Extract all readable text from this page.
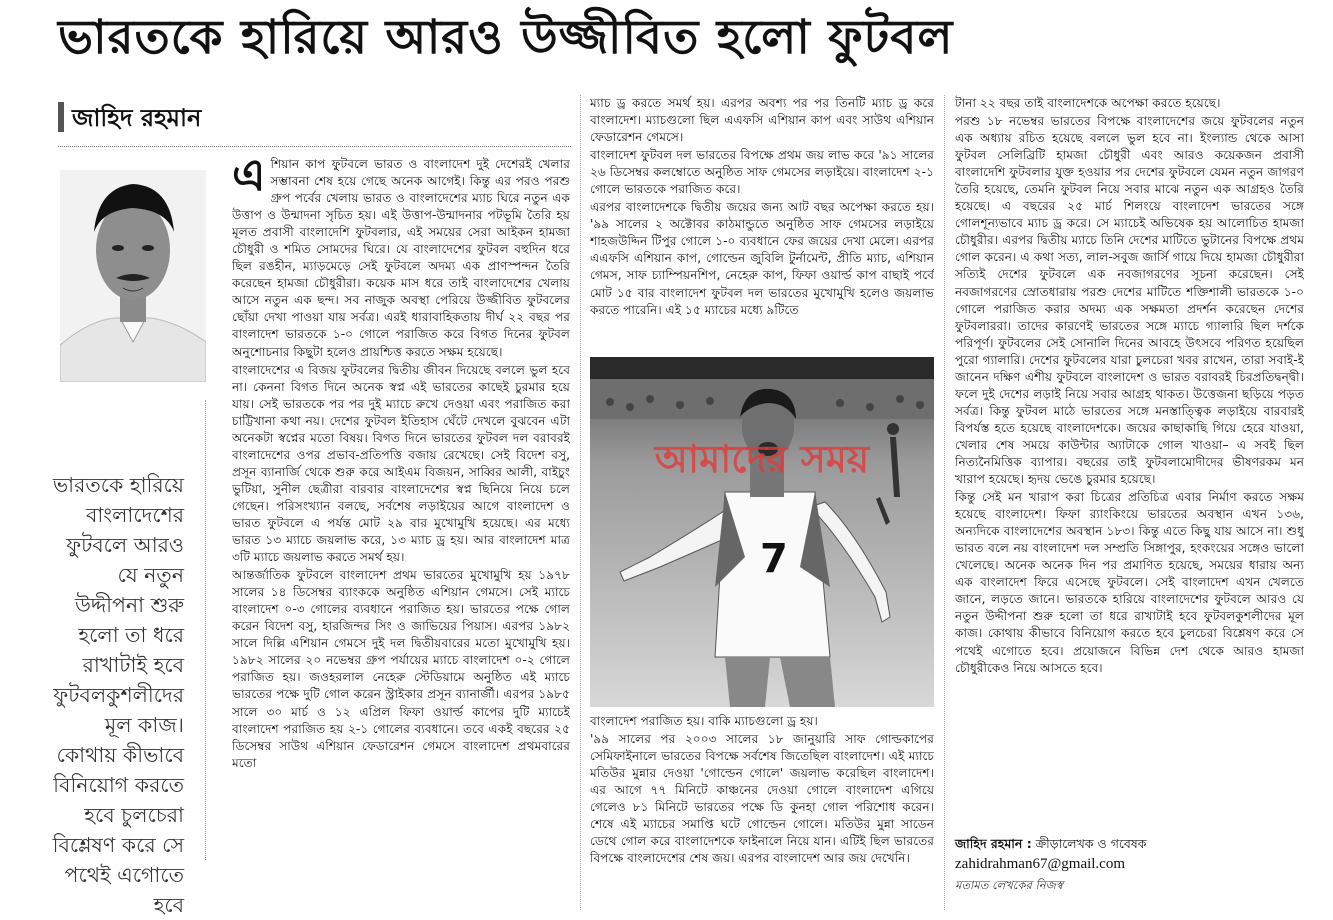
ভারতকে হারিয়ে আরও উজ্জীবিত হলো ফুটবল
জাহিদ রহমান
ভারতকে হারিয়ে বাংলাদেশের ফুটবলে আরও যে নতুন উদ্দীপনা শুরু হলো তা ধরে রাখাটাই হবে ফুটবলকুশলীদের মূল কাজ। কোথায় কীভাবে বিনিয়োগ করতে হবে চুলচেরা বিশ্লেষণ করে সে পথেই এগোতে হবে

এশিয়ান কাপ ফুটবলে ভারত ও বাংলাদেশ দুই দেশেরই খেলার সম্ভাবনা শেষ হয়ে গেছে অনেক আগেই। কিন্তু এর পরও পরশু গ্রুপ পর্বের খেলায় ভারত ও বাংলাদেশের ম্যাচ ঘিরে নতুন এক উত্তাপ ও উন্মাদনা সৃচিত হয়। এই উত্তাপ-উন্মাদনার পটভূমি তৈরি হয় মূলত প্রবাসী বাংলাদেশি ফুটবলার, এই সময়ের সেরা আইকন হামজা চৌধুরী ও শমিত সোমদের ঘিরে। যে বাংলাদেশের ফুটবল বহুদিন ধরে ছিল রঙহীন, ম্যাড়মেড়ে সেই ফুটবলে অদম্য এক প্রাণস্পন্দন তৈরি করেছেন হামজা চৌধুরীরা। কয়েক মাস ধরে তাই বাংলাদেশের খেলায় আসে নতুন এক ছন্দ। সব নাজুক অবস্থা পেরিয়ে উজ্জীবিত ফুটবলের ছোঁয়া দেখা পাওয়া যায় সর্বত্র। এরই ধারাবাহিকতায় দীর্ঘ ২২ বছর পর বাংলাদেশ ভারতকে ১-০ গোলে পরাজিত করে বিগত দিনের ফুটবল অনুশোচনার কিছুটা হলেও প্রায়শ্চিত্ত করতে সক্ষম হয়েছে।

বাংলাদেশের এ বিজয় ফুটবলের দ্বিতীয় জীবন দিয়েছে বললে ভুল হবে না। কেননা বিগত দিনে অনেক স্বপ্ন এই ভারতের কাছেই চুরমার হয়ে যায়। সেই ভারতকে পর পর দুই ম্যাচে রুখে দেওয়া এবং পরাজিত করা চাট্টিখানা কথা নয়। দেশের ফুটবল ইতিহাস ঘেঁটে দেখলে বুঝবেন এটা অনেকটা স্বপ্নের মতো বিষয়। বিগত দিনে ভারতের ফুটবল দল বরাবরই বাংলাদেশের ওপর প্রভাব-প্রতিপত্তি বজায় রেখেছে। সেই বিদেশ বসু, প্রসূন ব্যানার্জি থেকে শুরু করে আইএম বিজয়ন, সাব্বির আলী, বাইচুং ভুটিয়া, সুনীল ছেত্রীরা বারবার বাংলাদেশের স্বপ্ন ছিনিয়ে নিয়ে চলে গেছেন। পরিসংখ্যান বলছে, সর্বশেষ লড়াইয়ের আগে বাংলাদেশ ও ভারত ফুটবলে এ পর্যন্ত মোট ২৯ বার মুখোমুখি হয়েছে। এর মধ্যে ভারত ১৩ ম্যাচে জয়লাভ করে, ১৩ ম্যাচ ড্র হয়। আর বাংলাদেশ মাত্র ৩টি ম্যাচে জয়লাভ করতে সমর্থ হয়।

আন্তর্জাতিক ফুটবলে বাংলাদেশ প্রথম ভারতের মুখোমুখি হয় ১৯৭৮ সালের ১৪ ডিসেম্বর ব্যাংককে অনুষ্ঠিত এশিয়ান গেমসে। সেই ম্যাচে বাংলাদেশ ০-৩ গোলের ব্যবধানে পরাজিত হয়। ভারতের পক্ষে গোল করেন বিদেশ বসু, হারজিন্দর সিং ও জাভিয়ের পিয়াস। এরপর ১৯৮২ সালে দিল্লি এশিয়ান গেমসে দুই দল দ্বিতীয়বারের মতো মুখোমুখি হয়। ১৯৮২ সালের ২০ নভেম্বর গ্রুপ পর্যায়ের ম্যাচে বাংলাদেশ ০-২ গোলে পরাজিত হয়। জওহরলাল নেহেরু স্টেডিয়ামে অনুষ্ঠিত এই ম্যাচে ভারতের পক্ষে দুটি গোল করেন স্ট্রাইকার প্রসূন ব্যানার্জী। এরপর ১৯৮৫ সালে ৩০ মার্চ ও ১২ এপ্রিল ফিফা ওয়ার্ল্ড কাপের দুটি ম্যাচেই বাংলাদেশ পরাজিত হয় ২-১ গোলের ব্যবধানে। তবে একই বছরের ২৫ ডিসেম্বর সাউথ এশিয়ান ফেডারেশন গেমসে বাংলাদেশ প্রথমবারের মতো

ম্যাচ ড্র করতে সমর্থ হয়। এরপর অবশ্য পর পর তিনটি ম্যাচ ড্র করে বাংলাদেশ। ম্যাচগুলো ছিল এএফসি এশিয়ান কাপ এবং সাউথ এশিয়ান ফেডারেশন গেমসে।

বাংলাদেশ ফুটবল দল ভারতের বিপক্ষে প্রথম জয় লাভ করে '৯১ সালের ২৬ ডিসেম্বর কলম্বোতে অনুষ্ঠিত সাফ গেমসের লড়াইয়ে। বাংলাদেশ ২-১ গোলে ভারতকে পরাজিত করে।

এরপর বাংলাদেশকে দ্বিতীয় জয়ের জন্য আট বছর অপেক্ষা করতে হয়। '৯৯ সালের ২ অক্টোবর কাঠমান্ডুতে অনুষ্ঠিত সাফ গেমসের লড়াইয়ে শাহজউদ্দিন টিপুর গোলে ১-০ ব্যবধানে ফের জয়ের দেখা মেলে। এরপর এএফসি এশিয়ান কাপ, গোল্ডেন জুবিলি টুর্নামেন্ট, প্রীতি ম্যাচ, এশিয়ান গেমস, সাফ চ্যাম্পিয়নশিপ, নেহেরু কাপ, ফিফা ওয়ার্ল্ড কাপ বাছাই পর্বে মোট ১৫ বার বাংলাদেশ ফুটবল দল ভারতের মুখোমুখি হলেও জয়লাভ করতে পারেনি। এই ১৫ ম্যাচের মধ্যে ৯টিতে

7
আমাদের সময়

বাংলাদেশ পরাজিত হয়। বাকি ম্যাচগুলো ড্র হয়।

'৯৯ সালের পর ২০০৩ সালের ১৮ জানুয়ারি সাফ গোল্ডকাপের সেমিফাইনালে ভারতের বিপক্ষে সর্বশেষ জিতেছিল বাংলাদেশ। এই ম্যাচে মতিউর মুন্নার দেওয়া 'গোল্ডেন গোলে' জয়লাভ করেছিল বাংলাদেশ। এর আগে ৭৭ মিনিটে কাঞ্চনের দেওয়া গোলে বাংলাদেশ এগিয়ে গেলেও ৮১ মিনিটে ভারতের পক্ষে ডি কুনহা গোল পরিশোধ করেন। শেষে এই ম্যাচের সমাপ্তি ঘটে গোল্ডেন গোলে। মতিউর মুন্না সাডেন ডেথে গোল করে বাংলাদেশকে ফাইনালে নিয়ে যান। এটিই ছিল ভারতের বিপক্ষে বাংলাদেশের শেষ জয়। এরপর বাংলাদেশ আর জয় দেখেনি।

টানা ২২ বছর তাই বাংলাদেশকে অপেক্ষা করতে হয়েছে।

পরশু ১৮ নভেম্বর ভারতের বিপক্ষে বাংলাদেশের জয়ে ফুটবলের নতুন এক অধ্যায় রচিত হয়েছে বললে ভুল হবে না। ইংল্যান্ড থেকে আসা ফুটবল সেলিব্রিটি হামজা চৌধুরী এবং আরও কয়েকজন প্রবাসী বাংলাদেশি ফুটবলার যুক্ত হওয়ার পর দেশের ফুটবলে যেমন নতুন জাগরণ তৈরি হয়েছে, তেমনি ফুটবল নিয়ে সবার মাঝে নতুন এক আগ্রহও তৈরি হয়েছে। এ বছরের ২৫ মার্চ শিলংয়ে বাংলাদেশ ভারতের সঙ্গে গোলশূন্যভাবে ম্যাচ ড্র করে। সে ম্যাচেই অভিষেক হয় আলোচিত হামজা চৌধুরীর। এরপর দ্বিতীয় ম্যাচে তিনি দেশের মাটিতে ভুটানের বিপক্ষে প্রথম গোল করেন। এ কথা সত্য, লাল-সবুজ জার্সি গায়ে দিয়ে হামজা চৌধুরীরা সত্যিই দেশের ফুটবলে এক নবজাগরণের সূচনা করেছেন। সেই নবজাগরণের স্রোতধারায় পরশু দেশের মাটিতে শক্তিশালী ভারতকে ১-০ গোলে পরাজিত করার অদম্য এক সক্ষমতা প্রদর্শন করেছেন দেশের ফুটবলাররা। তাদের কারণেই ভারতের সঙ্গে ম্যাচে গ্যালারি ছিল দর্শকে পরিপূর্ণ। ফুটবলের সেই সোনালি দিনের আবহে উৎসবে পরিণত হয়েছিল পুরো গ্যালারি। দেশের ফুটবলের যারা চুলচেরা খবর রাখেন, তারা সবাই-ই জানেন দক্ষিণ এশীয় ফুটবলে বাংলাদেশ ও ভারত বরাবরই চিরপ্রতিদ্বন্দ্বী। ফলে দুই দেশের লড়াই নিয়ে সবার আগ্রহ থাকত। উত্তেজনা ছড়িয়ে পড়ত সর্বত্র। কিন্তু ফুটবল মাঠে ভারতের সঙ্গে মনস্তাত্ত্বিক লড়াইয়ে বারবারই বিপর্যস্ত হতে হয়েছে বাংলাদেশকে। জয়ের কাছাকাছি গিয়ে হেরে যাওয়া, খেলার শেষ সময়ে কাউন্টার অ্যাটাকে গোল খাওয়া– এ সবই ছিল নিত্যনৈমিত্তিক ব্যাপার। বছরের তাই ফুটবলামোদীদের ভীষণরকম মন খারাপ হয়েছে। হৃদয় ভেঙে চুরমার হয়েছে।

কিন্তু সেই মন খারাপ করা চিত্রের প্রতিচিত্র এবার নির্মাণ করতে সক্ষম হয়েছে বাংলাদেশ। ফিফা র‍্যাংকিংয়ে ভারতের অবস্থান এখন ১৩৬, অন্যদিকে বাংলাদেশের অবস্থান ১৮৩। কিন্তু এতে কিছু যায় আসে না। শুধু ভারত বলে নয় বাংলাদেশ দল সম্প্রতি সিঙ্গাপুর, হংকংয়ের সঙ্গেও ভালো খেলেছে। অনেক অনেক দিন পর প্রমাণিত হয়েছে, সময়ের ধারায় অন্য এক বাংলাদেশ ফিরে এসেছে ফুটবলে। সেই বাংলাদেশ এখন খেলতে জানে, লড়তে জানে। ভারতকে হারিয়ে বাংলাদেশের ফুটবলে আরও যে নতুন উদ্দীপনা শুরু হলো তা ধরে রাখাটাই হবে ফুটবলকুশলীদের মূল কাজ। কোথায় কীভাবে বিনিয়োগ করতে হবে চুলচেরা বিশ্লেষণ করে সে পথেই এগোতে হবে। প্রয়োজনে বিভিন্ন দেশ থেকে আরও হামজা চৌধুরীকেও নিয়ে আসতে হবে।

জাহিদ রহমান : ক্রীড়ালেখক ও গবেষক
zahidrahman67@gmail.com
মতামত লেখকের নিজস্ব
